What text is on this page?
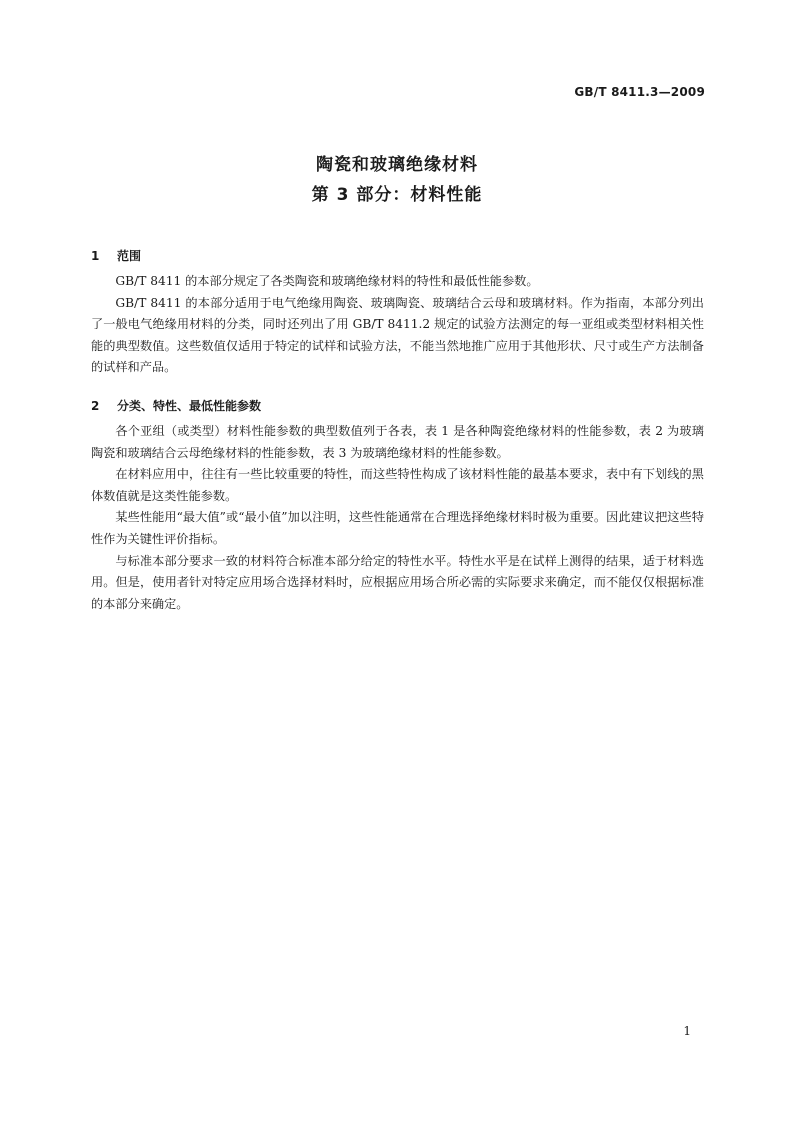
GB/T 8411.3—2009
陶瓷和玻璃绝缘材料
第 3 部分：材料性能
1 范围

GB/T 8411 的本部分规定了各类陶瓷和玻璃绝缘材料的特性和最低性能参数。

GB/T 8411 的本部分适用于电气绝缘用陶瓷、玻璃陶瓷、玻璃结合云母和玻璃材料。作为指南，本部分列出了一般电气绝缘用材料的分类，同时还列出了用 GB/T 8411.2 规定的试验方法测定的每一亚组或类型材料相关性能的典型数值。这些数值仅适用于特定的试样和试验方法，不能当然地推广应用于其他形状、尺寸或生产方法制备的试样和产品。

2 分类、特性、最低性能参数

各个亚组（或类型）材料性能参数的典型数值列于各表，表 1 是各种陶瓷绝缘材料的性能参数，表 2 为玻璃陶瓷和玻璃结合云母绝缘材料的性能参数，表 3 为玻璃绝缘材料的性能参数。

在材料应用中，往往有一些比较重要的特性，而这些特性构成了该材料性能的最基本要求，表中有下划线的黑体数值就是这类性能参数。

某些性能用“最大值”或“最小值”加以注明，这些性能通常在合理选择绝缘材料时极为重要。因此建议把这些特性作为关键性评价指标。

与标准本部分要求一致的材料符合标准本部分给定的特性水平。特性水平是在试样上测得的结果，适于材料选用。但是，使用者针对特定应用场合选择材料时，应根据应用场合所必需的实际要求来确定，而不能仅仅根据标准的本部分来确定。

1
